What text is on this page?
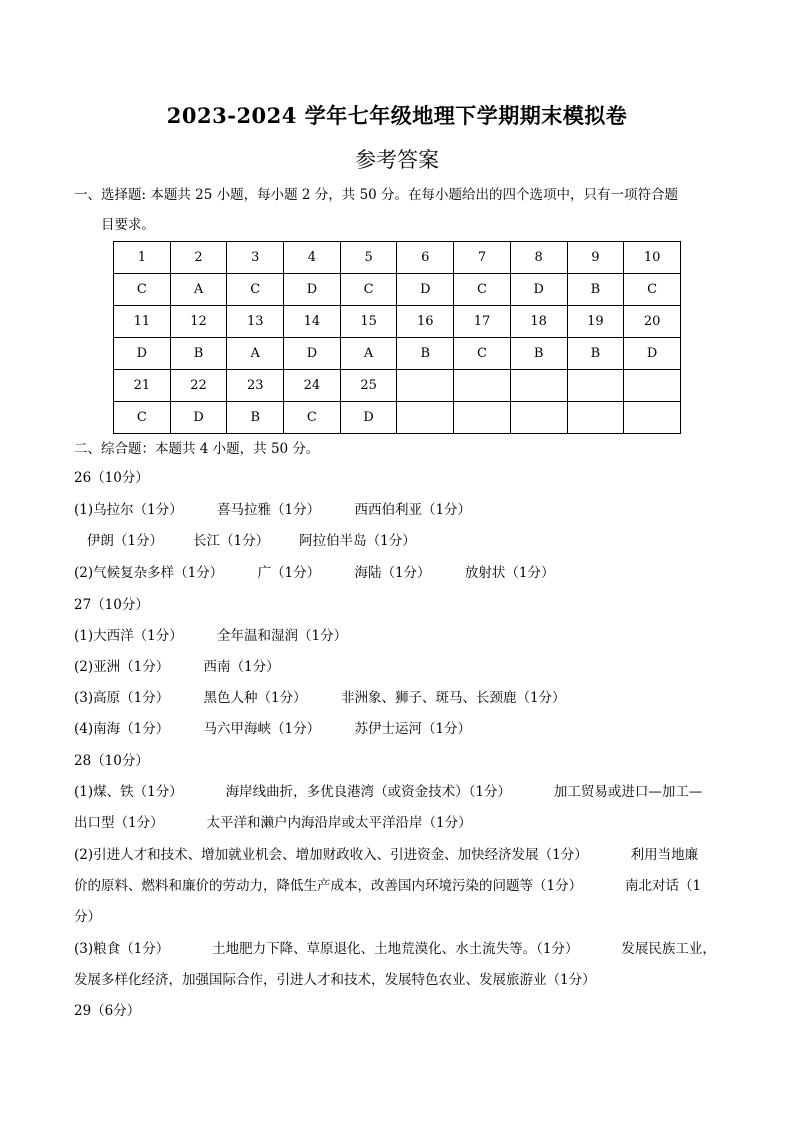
2023-2024 学年七年级地理下学期期末模拟卷
参考答案
一、选择题: 本题共 25 小题，每小题 2 分，共 50 分。在每小题给出的四个选项中，只有一项符合题
目要求。
1	2	3	4	5	6	7	8	9	10
C	A	C	D	C	D	C	D	B	C
11	12	13	14	15	16	17	18	19	20
D	B	A	D	A	B	C	B	B	D
21	22	23	24	25					
C	D	B	C	D					
二、综合题：本题共 4 小题，共 50 分。
26（10分）
(1)乌拉尔（1分）        喜马拉雅（1分）        西西伯利亚（1分）
伊朗（1分）       长江（1分）       阿拉伯半岛（1分）
(2)气候复杂多样（1分）        广（1分）        海陆（1分）        放射状（1分）
27（10分）
(1)大西洋（1分）        全年温和湿润（1分）
(2)亚洲（1分）        西南（1分）
(3)高原（1分）        黑色人种（1分）        非洲象、狮子、斑马、长颈鹿（1分）
(4)南海（1分）        马六甲海峡（1分）        苏伊士运河（1分）
28（10分）
(1)煤、铁（1分）          海岸线曲折，多优良港湾（或资金技术）（1分）          加工贸易或进口—加工—
出口型（1分）          太平洋和濑户内海沿岸或太平洋沿岸（1分）
(2)引进人才和技术、增加就业机会、增加财政收入、引进资金、加快经济发展（1分）          利用当地廉
价的原料、燃料和廉价的劳动力，降低生产成本，改善国内环境污染的问题等（1分）          南北对话（1
分）
(3)粮食（1分）          土地肥力下降、草原退化、土地荒漠化、水土流失等。（1分）          发展民族工业，
发展多样化经济，加强国际合作，引进人才和技术，发展特色农业、发展旅游业（1分）
29（6分）
